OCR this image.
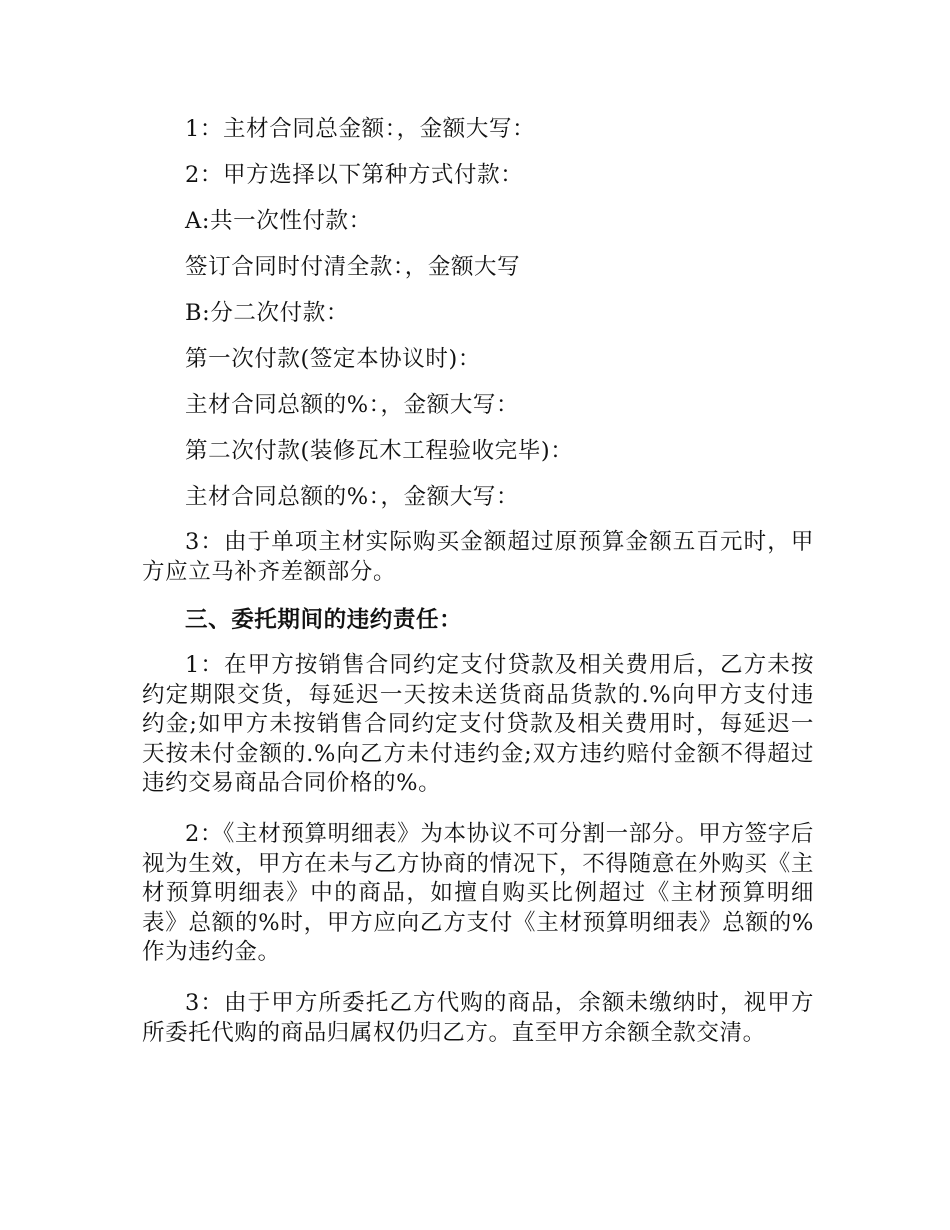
1：主材合同总金额：，金额大写：
2：甲方选择以下第种方式付款：
A:共一次性付款：
签订合同时付清全款：，金额大写
B:分二次付款：
第一次付款(签定本协议时)：
主材合同总额的%：，金额大写：
第二次付款(装修瓦木工程验收完毕)：
主材合同总额的%：，金额大写：
3：由于单项主材实际购买金额超过原预算金额五百元时，甲方应立马补齐差额部分。
三、委托期间的违约责任：
1：在甲方按销售合同约定支付贷款及相关费用后，乙方未按约定期限交货，每延迟一天按未送货商品货款的.%向甲方支付违约金;如甲方未按销售合同约定支付贷款及相关费用时，每延迟一天按未付金额的.%向乙方未付违约金;双方违约赔付金额不得超过违约交易商品合同价格的%。
2：《主材预算明细表》为本协议不可分割一部分。甲方签字后视为生效，甲方在未与乙方协商的情况下，不得随意在外购买《主材预算明细表》中的商品，如擅自购买比例超过《主材预算明细表》总额的%时，甲方应向乙方支付《主材预算明细表》总额的%作为违约金。
3：由于甲方所委托乙方代购的商品，余额未缴纳时，视甲方所委托代购的商品归属权仍归乙方。直至甲方余额全款交清。
